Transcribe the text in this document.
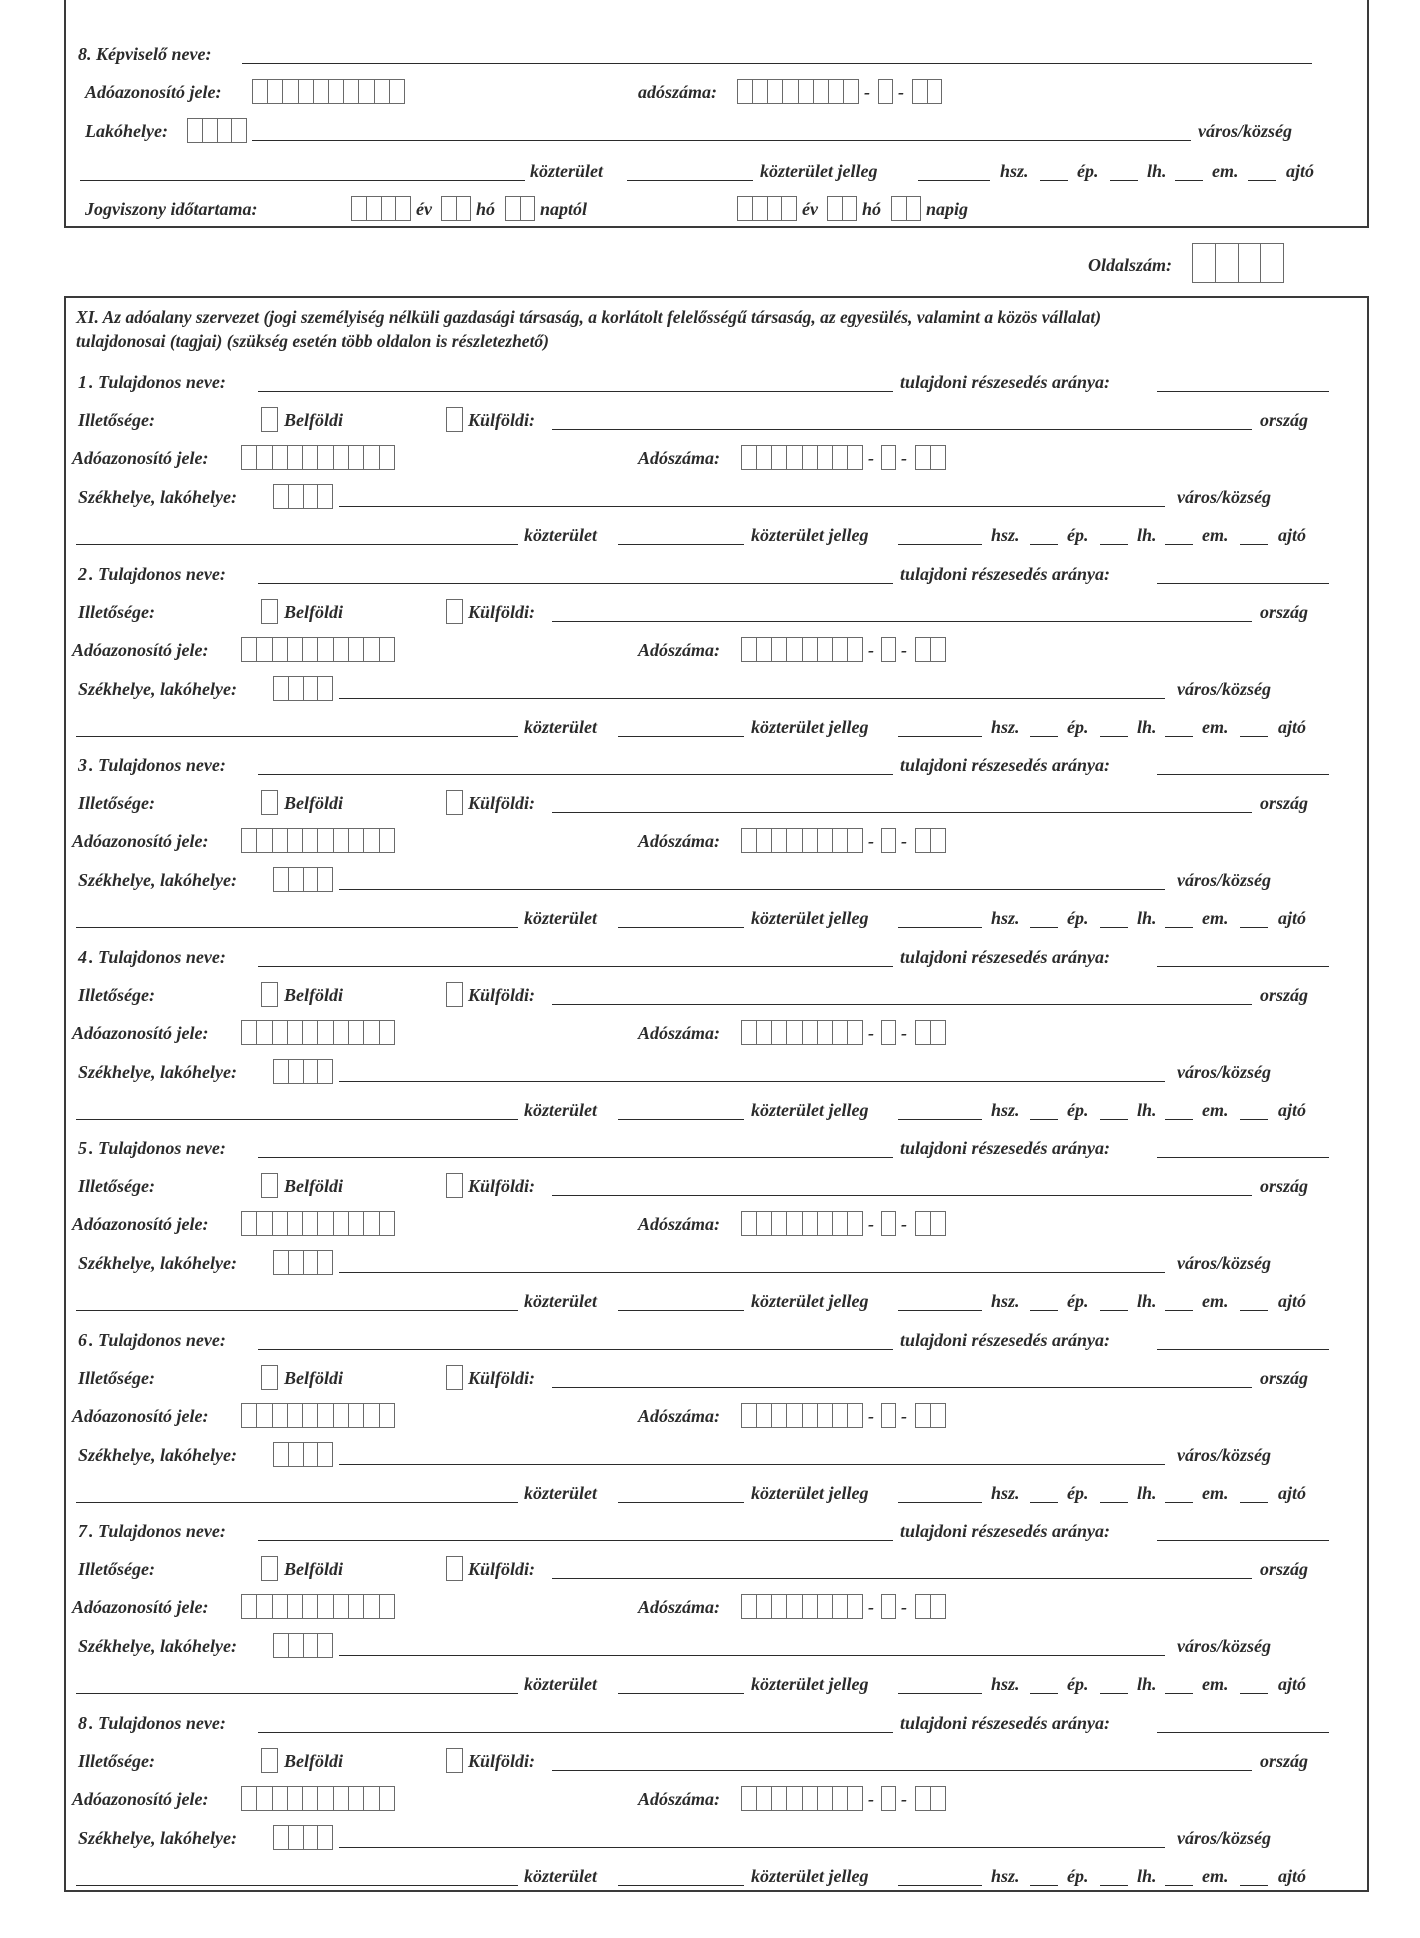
8. Képviselő neve:
Adóazonosító jele:	adószáma:	- -
Lakóhelye:	város/község
közterület	közterület jelleg	hsz.	ép.	lh.	em.	ajtó
Jogviszony időtartama:	év hó naptól	év hó napig
Oldalszám:
XI. Az adóalany szervezet (jogi személyiség nélküli gazdasági társaság, a korlátolt felelősségű társaság, az egyesülés, valamint a közös vállalat)
tulajdonosai (tagjai) (szükség esetén több oldalon is részletezhető)
1 . Tulajdonos neve:	tulajdoni részesedés aránya:
Illetősége:	Belföldi	Külföldi:	ország
Adóazonosító jele:	Adószáma:	- -
Székhelye, lakóhelye:	város/község
közterület	közterület jelleg	hsz.	ép.	lh.	em.	ajtó
2 . Tulajdonos neve:	tulajdoni részesedés aránya:
Illetősége:	Belföldi	Külföldi:	ország
Adóazonosító jele:	Adószáma:	- -
Székhelye, lakóhelye:	város/község
közterület	közterület jelleg	hsz.	ép.	lh.	em.	ajtó
3 . Tulajdonos neve:	tulajdoni részesedés aránya:
Illetősége:	Belföldi	Külföldi:	ország
Adóazonosító jele:	Adószáma:	- -
Székhelye, lakóhelye:	város/község
közterület	közterület jelleg	hsz.	ép.	lh.	em.	ajtó
4 . Tulajdonos neve:	tulajdoni részesedés aránya:
Illetősége:	Belföldi	Külföldi:	ország
Adóazonosító jele:	Adószáma:	- -
Székhelye, lakóhelye:	város/község
közterület	közterület jelleg	hsz.	ép.	lh.	em.	ajtó
5 . Tulajdonos neve:	tulajdoni részesedés aránya:
Illetősége:	Belföldi	Külföldi:	ország
Adóazonosító jele:	Adószáma:	- -
Székhelye, lakóhelye:	város/község
közterület	közterület jelleg	hsz.	ép.	lh.	em.	ajtó
6 . Tulajdonos neve:	tulajdoni részesedés aránya:
Illetősége:	Belföldi	Külföldi:	ország
Adóazonosító jele:	Adószáma:	- -
Székhelye, lakóhelye:	város/község
közterület	közterület jelleg	hsz.	ép.	lh.	em.	ajtó
7 . Tulajdonos neve:	tulajdoni részesedés aránya:
Illetősége:	Belföldi	Külföldi:	ország
Adóazonosító jele:	Adószáma:	- -
Székhelye, lakóhelye:	város/község
közterület	közterület jelleg	hsz.	ép.	lh.	em.	ajtó
8 . Tulajdonos neve:	tulajdoni részesedés aránya:
Illetősége:	Belföldi	Külföldi:	ország
Adóazonosító jele:	Adószáma:	- -
Székhelye, lakóhelye:	város/község
közterület	közterület jelleg	hsz.	ép.	lh.	em.	ajtó
